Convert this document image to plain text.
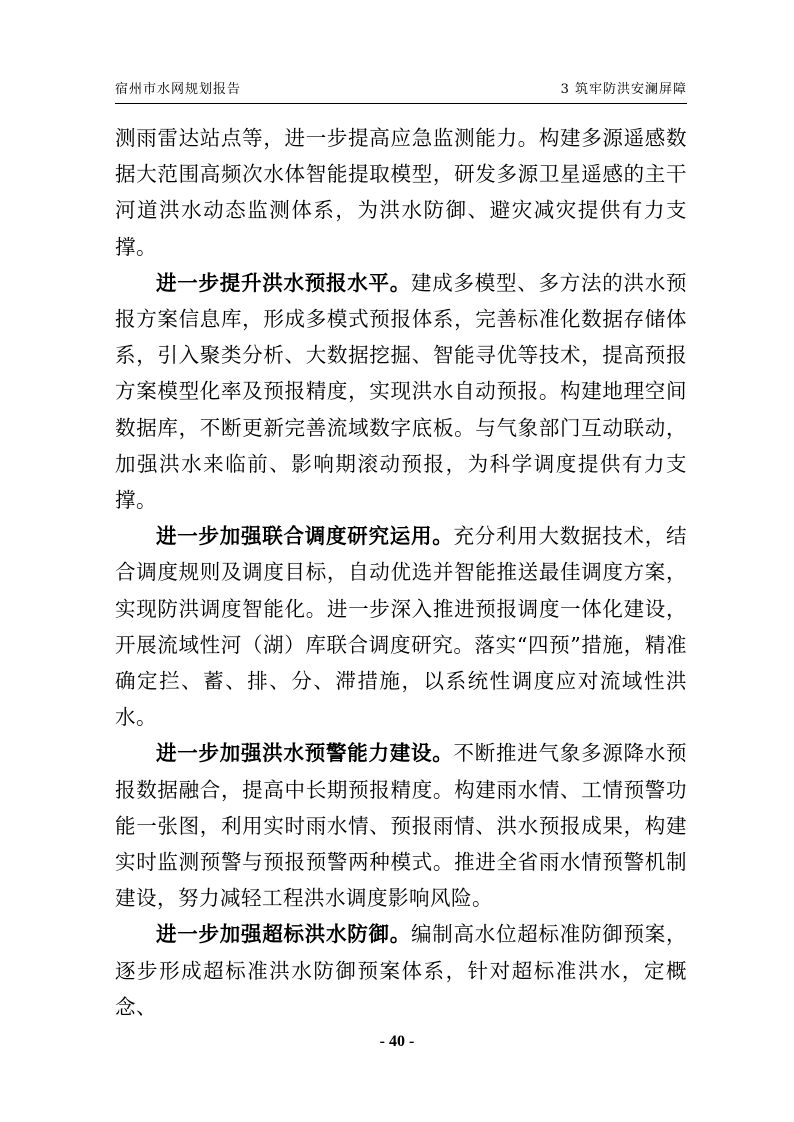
宿州市水网规划报告	3 筑牢防洪安澜屏障

测雨雷达站点等，进一步提高应急监测能力。构建多源遥感数据大范围高频次水体智能提取模型，研发多源卫星遥感的主干河道洪水动态监测体系，为洪水防御、避灾减灾提供有力支撑。

进一步提升洪水预报水平。建成多模型、多方法的洪水预报方案信息库，形成多模式预报体系，完善标准化数据存储体系，引入聚类分析、大数据挖掘、智能寻优等技术，提高预报方案模型化率及预报精度，实现洪水自动预报。构建地理空间数据库，不断更新完善流域数字底板。与气象部门互动联动，加强洪水来临前、影响期滚动预报，为科学调度提供有力支撑。

进一步加强联合调度研究运用。充分利用大数据技术，结合调度规则及调度目标，自动优选并智能推送最佳调度方案，实现防洪调度智能化。进一步深入推进预报调度一体化建设，开展流域性河（湖）库联合调度研究。落实“四预”措施，精准确定拦、蓄、排、分、滞措施，以系统性调度应对流域性洪水。

进一步加强洪水预警能力建设。不断推进气象多源降水预报数据融合，提高中长期预报精度。构建雨水情、工情预警功能一张图，利用实时雨水情、预报雨情、洪水预报成果，构建实时监测预警与预报预警两种模式。推进全省雨水情预警机制建设，努力减轻工程洪水调度影响风险。

进一步加强超标洪水防御。编制高水位超标准防御预案，逐步形成超标准洪水防御预案体系，针对超标准洪水，定概念、

- 40 -
